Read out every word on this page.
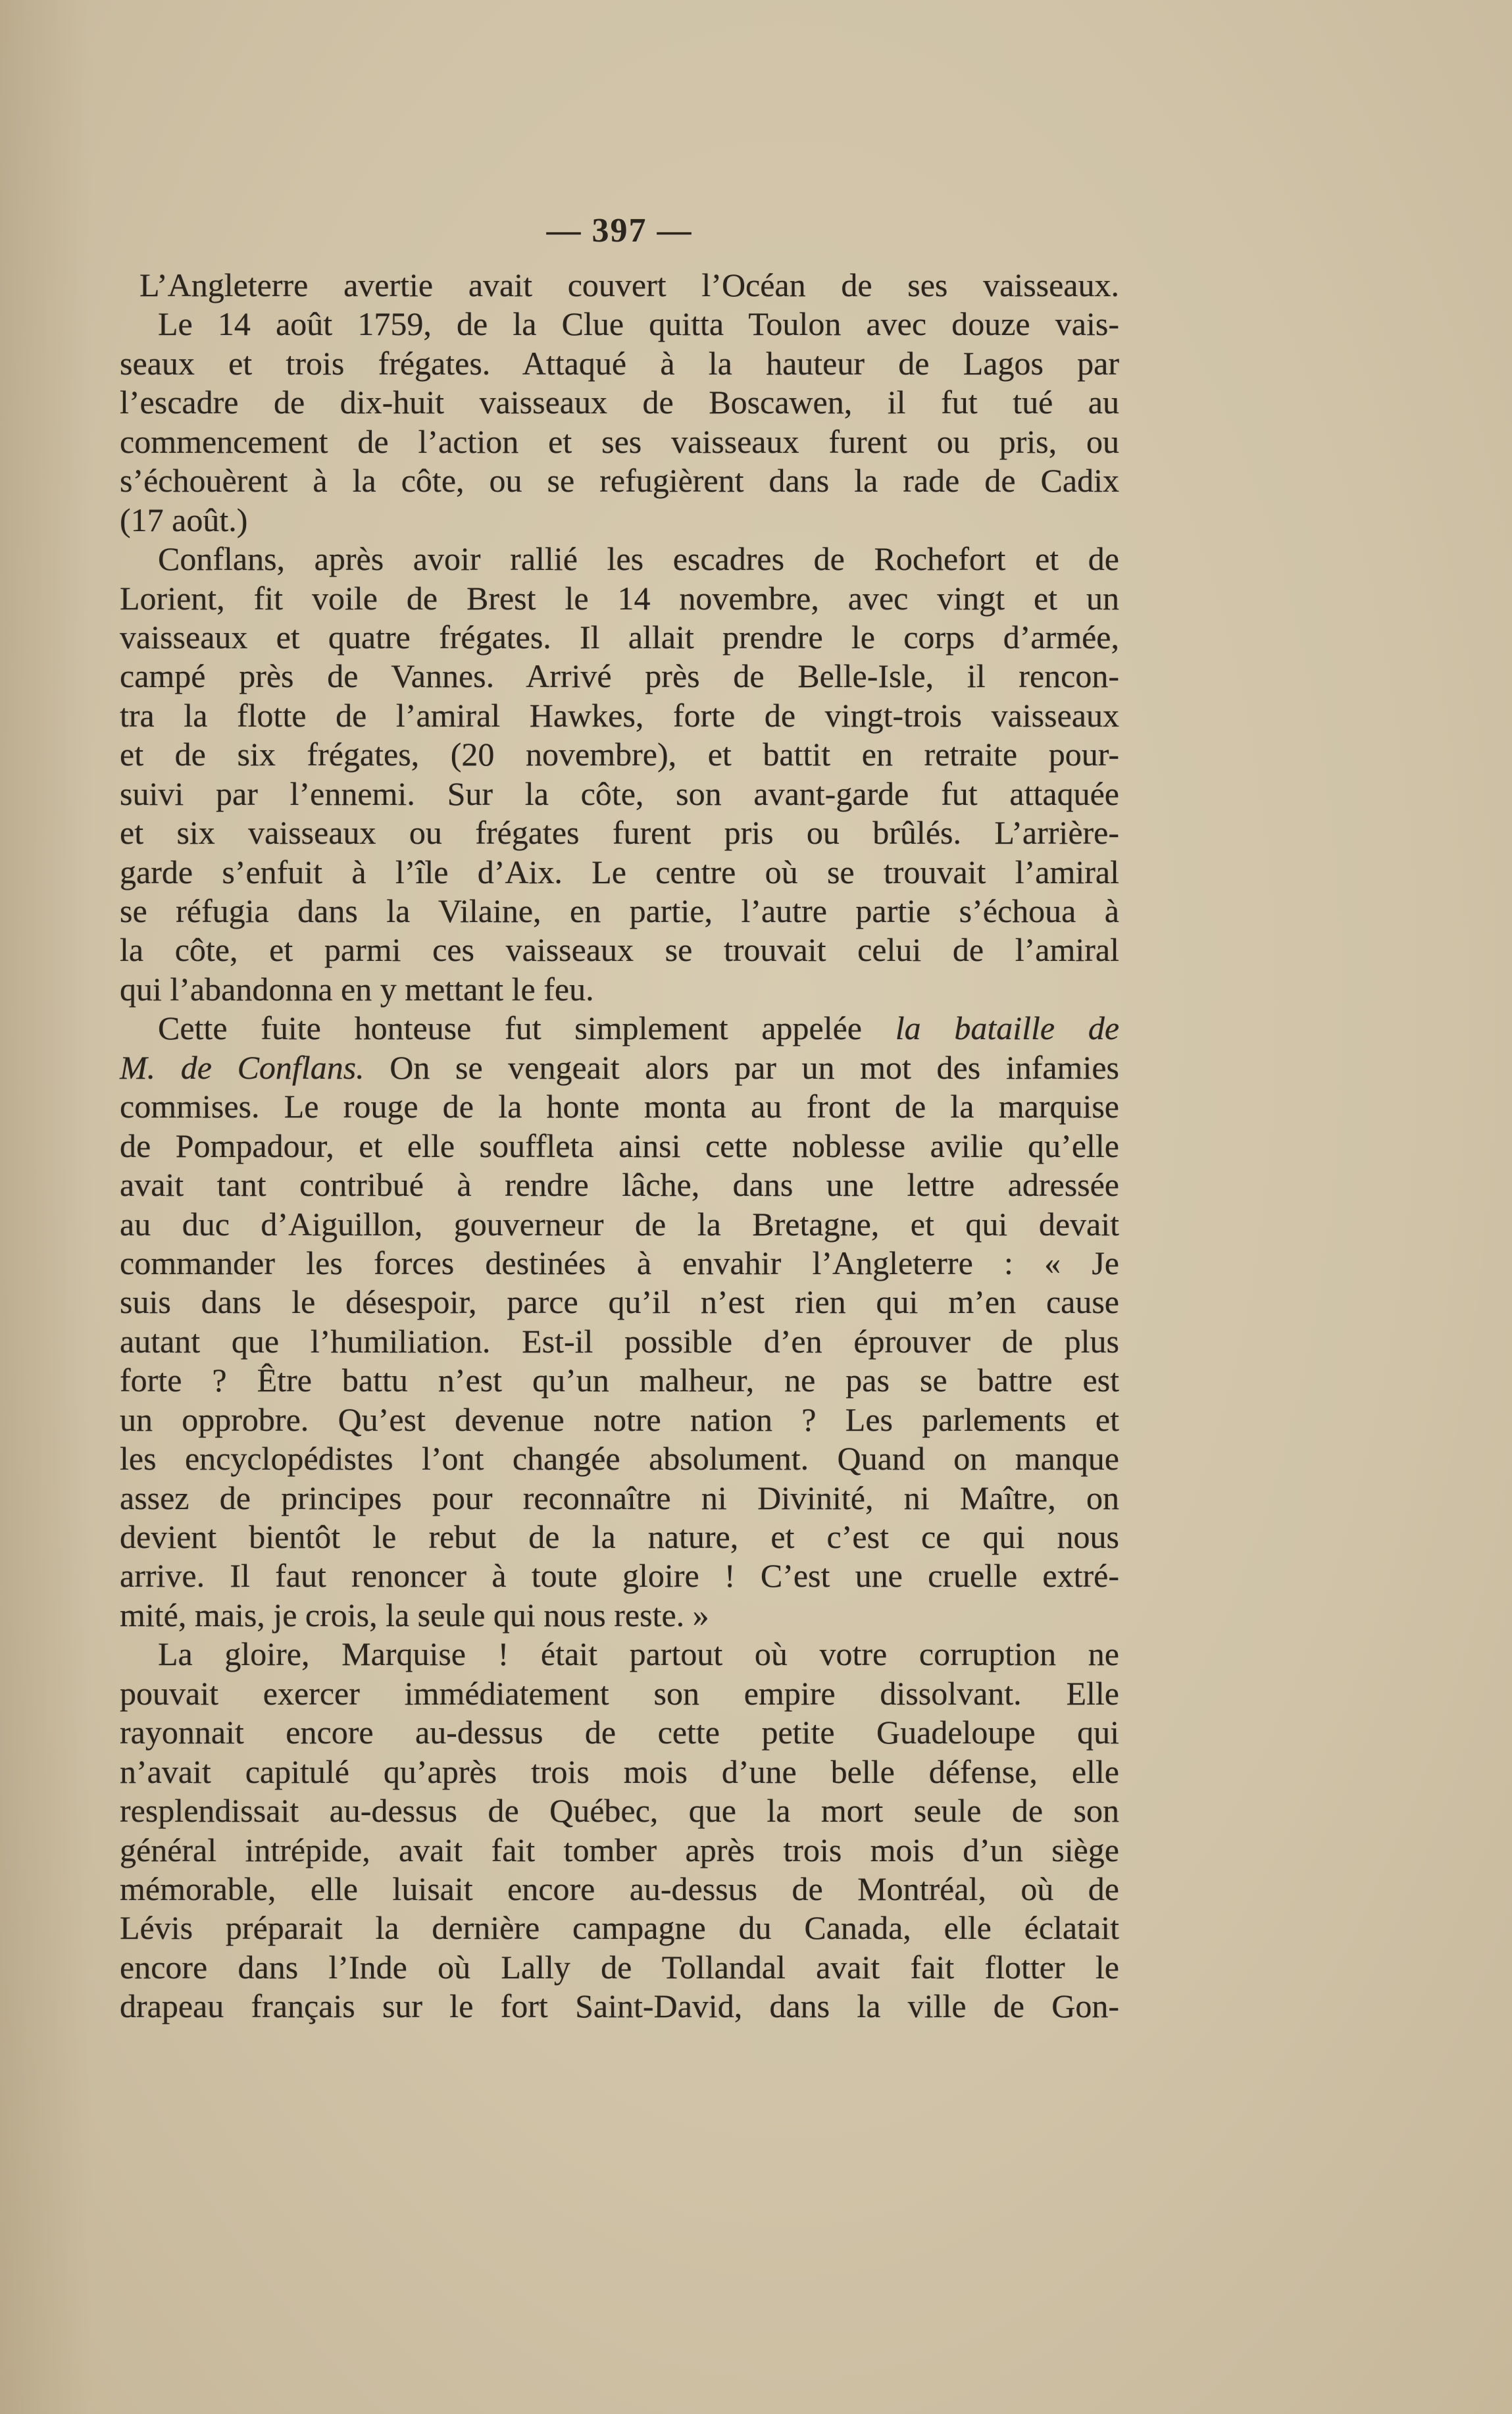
— 397 —
L’Angleterre avertie avait couvert l’Océan de ses vaisseaux.
Le 14 août 1759, de la Clue quitta Toulon avec douze vais-
seaux et trois frégates. Attaqué à la hauteur de Lagos par
l’escadre de dix-huit vaisseaux de Boscawen, il fut tué au
commencement de l’action et ses vaisseaux furent ou pris, ou
s’échouèrent à la côte, ou se refugièrent dans la rade de Cadix
(17 août.)
Conflans, après avoir rallié les escadres de Rochefort et de
Lorient, fit voile de Brest le 14 novembre, avec vingt et un
vaisseaux et quatre frégates. Il allait prendre le corps d’armée,
campé près de Vannes. Arrivé près de Belle-Isle, il rencon-
tra la flotte de l’amiral Hawkes, forte de vingt-trois vaisseaux
et de six frégates, (20 novembre), et battit en retraite pour-
suivi par l’ennemi. Sur la côte, son avant-garde fut attaquée
et six vaisseaux ou frégates furent pris ou brûlés. L’arrière-
garde s’enfuit à l’île d’Aix. Le centre où se trouvait l’amiral
se réfugia dans la Vilaine, en partie, l’autre partie s’échoua à
la côte, et parmi ces vaisseaux se trouvait celui de l’amiral
qui l’abandonna en y mettant le feu.
Cette fuite honteuse fut simplement appelée la bataille de
M. de Conflans. On se vengeait alors par un mot des infamies
commises. Le rouge de la honte monta au front de la marquise
de Pompadour, et elle souffleta ainsi cette noblesse avilie qu’elle
avait tant contribué à rendre lâche, dans une lettre adressée
au duc d’Aiguillon, gouverneur de la Bretagne, et qui devait
commander les forces destinées à envahir l’Angleterre : « Je
suis dans le désespoir, parce qu’il n’est rien qui m’en cause
autant que l’humiliation. Est-il possible d’en éprouver de plus
forte ? Être battu n’est qu’un malheur, ne pas se battre est
un opprobre. Qu’est devenue notre nation ? Les parlements et
les encyclopédistes l’ont changée absolument. Quand on manque
assez de principes pour reconnaître ni Divinité, ni Maître, on
devient bientôt le rebut de la nature, et c’est ce qui nous
arrive. Il faut renoncer à toute gloire ! C’est une cruelle extré-
mité, mais, je crois, la seule qui nous reste. »
La gloire, Marquise ! était partout où votre corruption ne
pouvait exercer immédiatement son empire dissolvant. Elle
rayonnait encore au-dessus de cette petite Guadeloupe qui
n’avait capitulé qu’après trois mois d’une belle défense, elle
resplendissait au-dessus de Québec, que la mort seule de son
général intrépide, avait fait tomber après trois mois d’un siège
mémorable, elle luisait encore au-dessus de Montréal, où de
Lévis préparait la dernière campagne du Canada, elle éclatait
encore dans l’Inde où Lally de Tollandal avait fait flotter le
drapeau français sur le fort Saint-David, dans la ville de Gon-
